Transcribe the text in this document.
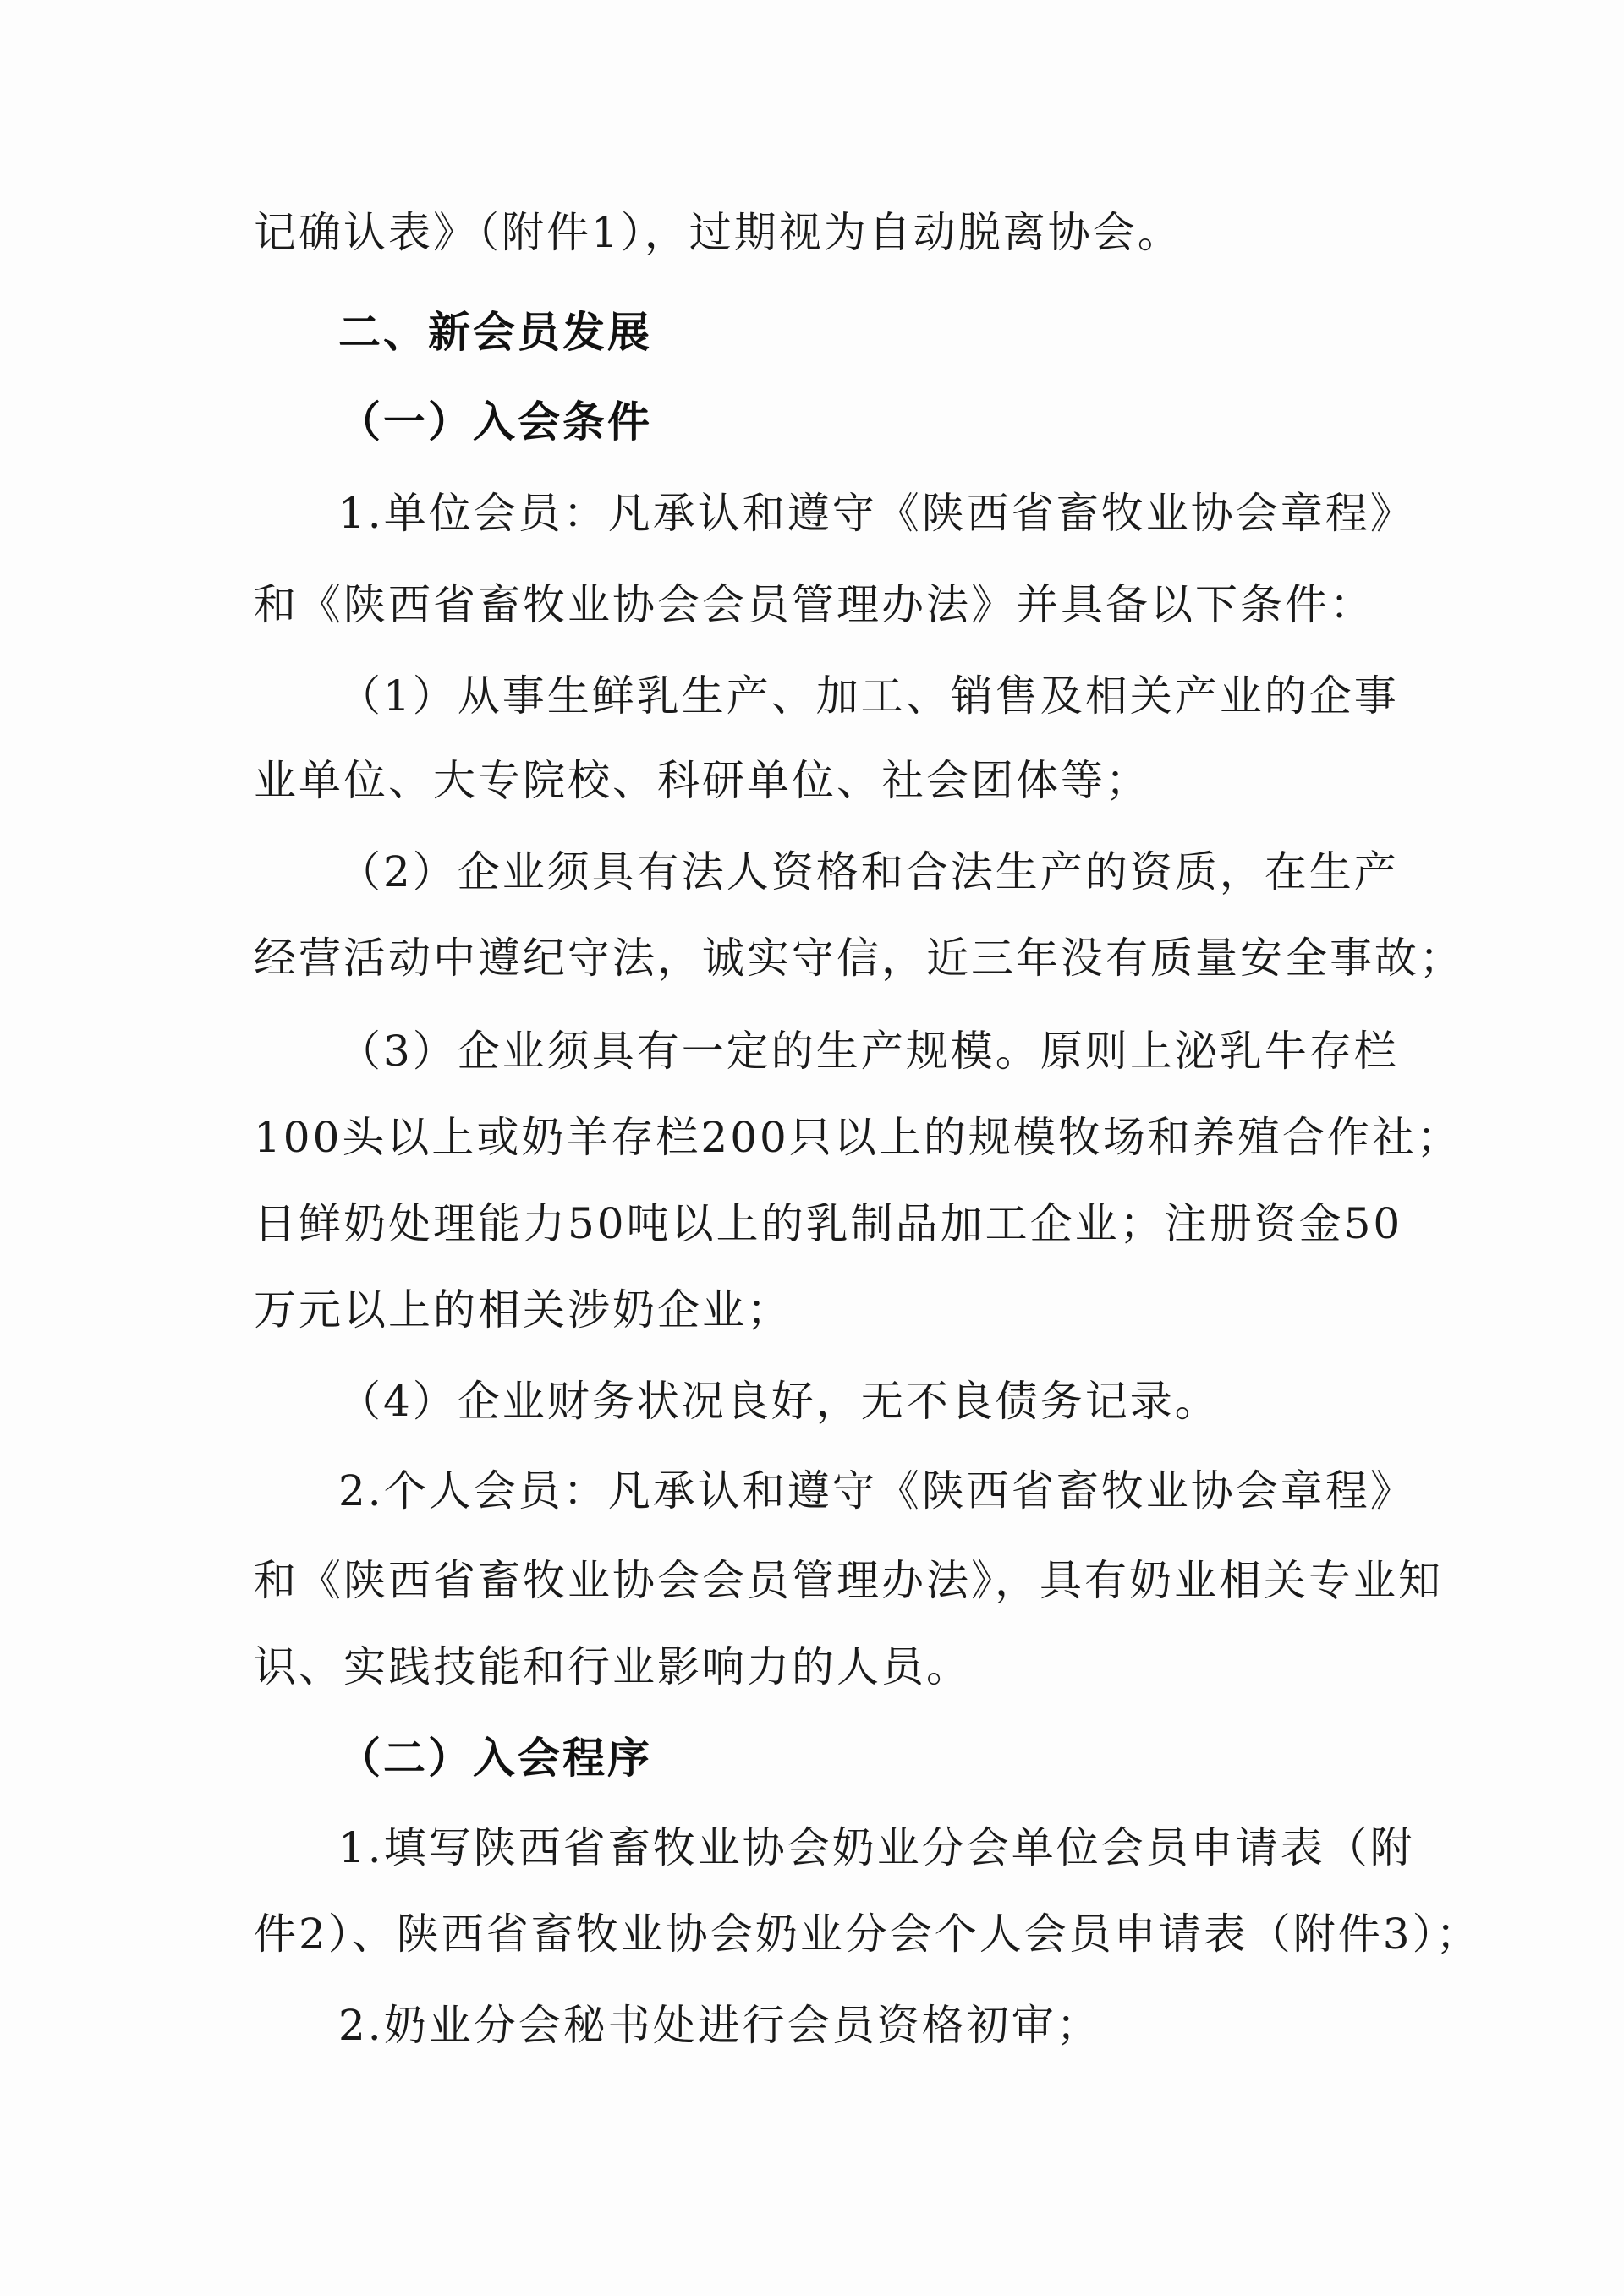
记确认表》（附件1），过期视为自动脱离协会。
二、新会员发展
（一）入会条件
1.单位会员：凡承认和遵守《陕西省畜牧业协会章程》
和《陕西省畜牧业协会会员管理办法》并具备以下条件：
（1）从事生鲜乳生产、加工、销售及相关产业的企事
业单位、大专院校、科研单位、社会团体等；
（2）企业须具有法人资格和合法生产的资质，在生产
经营活动中遵纪守法，诚实守信，近三年没有质量安全事故；
（3）企业须具有一定的生产规模。原则上泌乳牛存栏
100头以上或奶羊存栏200只以上的规模牧场和养殖合作社；
日鲜奶处理能力50吨以上的乳制品加工企业；注册资金50
万元以上的相关涉奶企业；
（4）企业财务状况良好，无不良债务记录。
2.个人会员：凡承认和遵守《陕西省畜牧业协会章程》
和《陕西省畜牧业协会会员管理办法》，具有奶业相关专业知
识、实践技能和行业影响力的人员。
（二）入会程序
1.填写陕西省畜牧业协会奶业分会单位会员申请表（附
件2）、陕西省畜牧业协会奶业分会个人会员申请表（附件3）；
2.奶业分会秘书处进行会员资格初审；
